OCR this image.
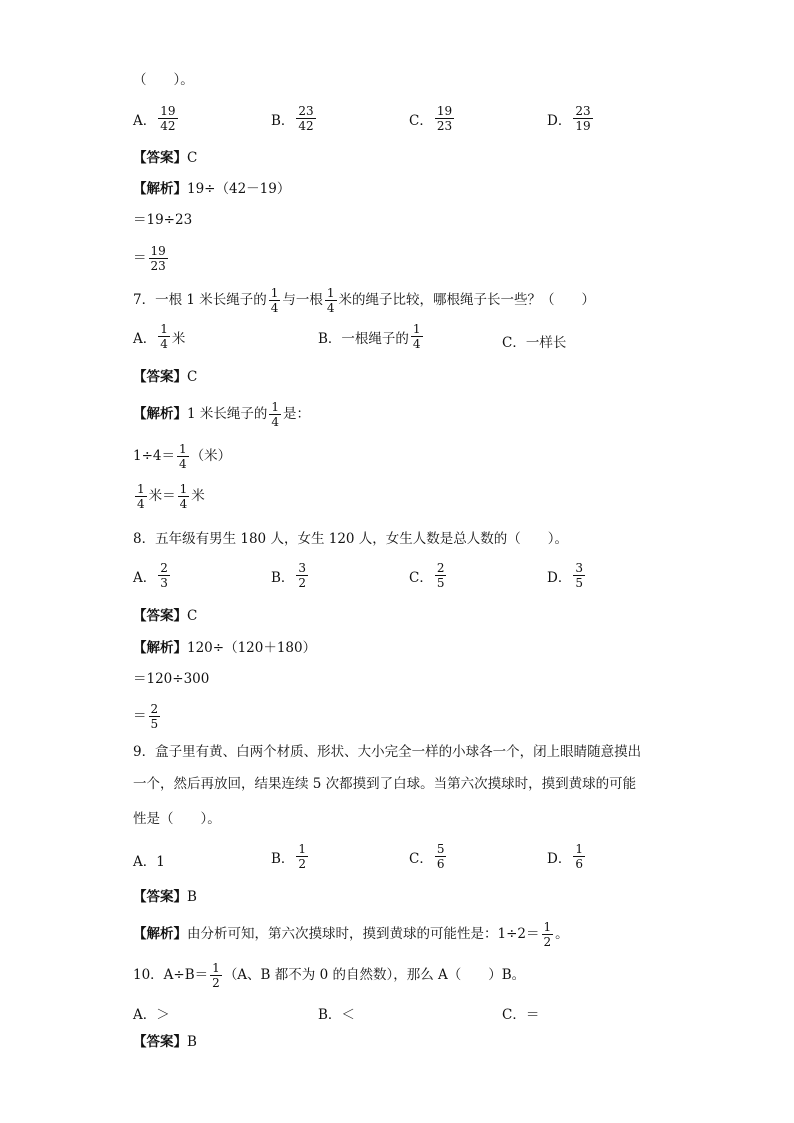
（　　）。
A． $\frac{19}{42}$	B． $\frac{23}{42}$	C． $\frac{19}{23}$	D． $\frac{23}{19}$
【答案】 C
【解析】 19÷（42－19）
＝19÷23
＝ $\frac{19}{23}$
7．一根 1 米长绳子的 $\frac{1}{4}$ 与一根 $\frac{1}{4}$ 米的绳子比较，哪根绳子长一些？（　　）
A． $\frac{1}{4}$ 米	B．一根绳子的 $\frac{1}{4}$	C．一样长
【答案】 C
【解析】 1 米长绳子的 $\frac{1}{4}$ 是：
$1\div 4= \frac{1}{4}$ （米）
$\frac{1}{4}$ 米＝ $\frac{1}{4}$ 米
8．五年级有男生 180 人，女生 120 人，女生人数是总人数的（　　）。
A． $\frac{2}{3}$	B． $\frac{3}{2}$	C． $\frac{2}{5}$	D． $\frac{3}{5}$
【答案】 C
【解析】 120÷（120＋180）
＝120÷300
＝ $\frac{2}{5}$
9．盒子里有黄、白两个材质、形状、大小完全一样的小球各一个，闭上眼睛随意摸出
一个，然后再放回，结果连续 5 次都摸到了白球。当第六次摸球时，摸到黄球的可能
性是（　　）。
A．1	B． $\frac{1}{2}$	C． $\frac{5}{6}$	D． $\frac{1}{6}$
【答案】 B
【解析】 由分析可知，第六次摸球时，摸到黄球的可能性是：$1\div 2= \frac{1}{2}$ 。
10．$A\div B= \frac{1}{2} (A$、B 都不为 0 的自然数），那么 A（　　）B。
A．＞	B．＜	C．＝
【答案】 B
